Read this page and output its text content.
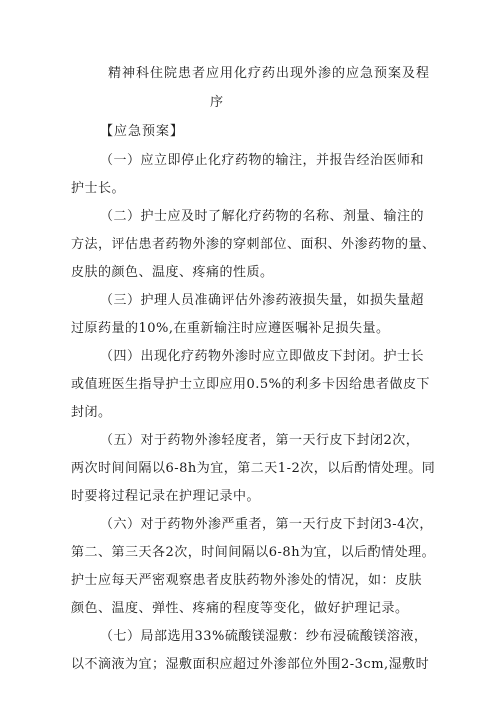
精神科住院患者应用化疗药出现外渗的应急预案及程
序
【应急预案】
（一）应立即停止化疗药物的输注，并报告经治医师和
护士长。
（二）护士应及时了解化疗药物的名称、剂量、输注的
方法，评估患者药物外渗的穿刺部位、面积、外渗药物的量、
皮肤的颜色、温度、疼痛的性质。
（三）护理人员准确评估外渗药液损失量，如损失量超
过原药量的10%,在重新输注时应遵医嘱补足损失量。
（四）出现化疗药物外渗时应立即做皮下封闭。护士长
或值班医生指导护士立即应用0.5%的利多卡因给患者做皮下
封闭。
（五）对于药物外渗轻度者，第一天行皮下封闭2次，
两次时间间隔以6-8h为宜，第二天1-2次，以后酌情处理。同
时要将过程记录在护理记录中。
（六）对于药物外渗严重者，第一天行皮下封闭3-4次，
第二、第三天各2次，时间间隔以6-8h为宜，以后酌情处理。
护士应每天严密观察患者皮肤药物外渗处的情况，如：皮肤
颜色、温度、弹性、疼痛的程度等变化，做好护理记录。
（七）局部选用33%硫酸镁湿敷：纱布浸硫酸镁溶液，
以不滴液为宜；湿敷面积应超过外渗部位外围2-3cm,湿敷时
